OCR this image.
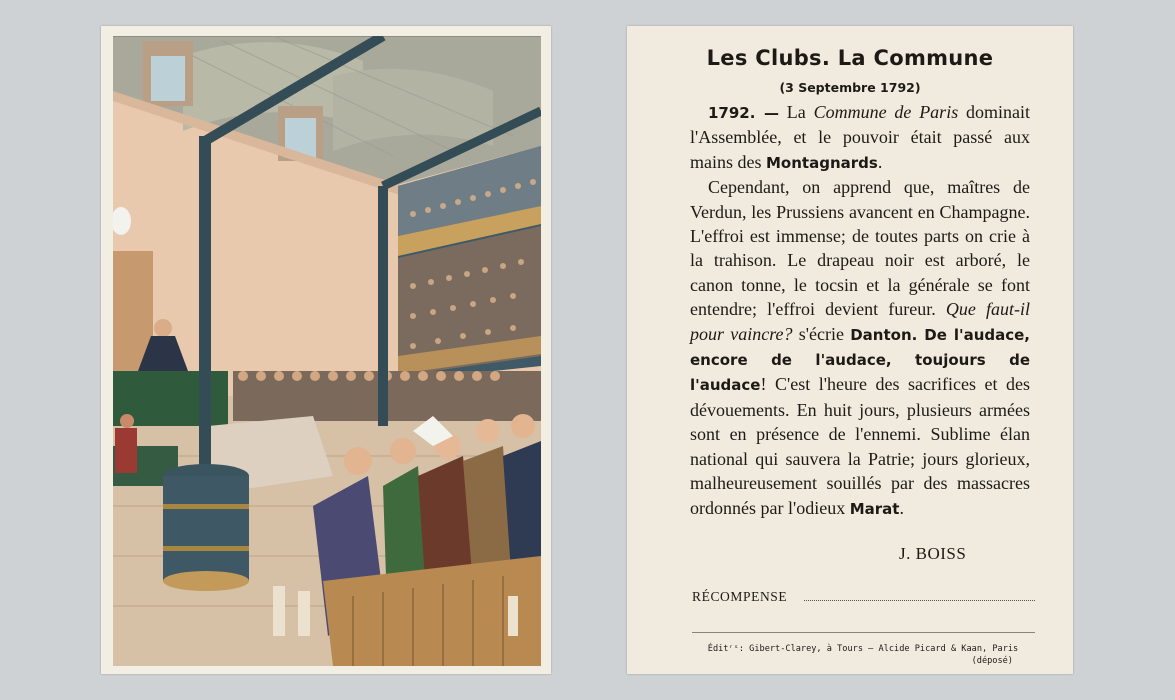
Les Clubs. La Commune
(3 Septembre 1792)

1792. — La Commune de Paris dominait l'Assemblée, et le pouvoir était passé aux mains des Montagnards.

Cependant, on apprend que, maîtres de Verdun, les Prussiens avancent en Champagne. L'effroi est immense; de toutes parts on crie à la trahison. Le drapeau noir est arboré, le canon tonne, le tocsin et la générale se font entendre; l'effroi devient fureur. Que faut-il pour vaincre? s'écrie Danton. De l'audace, encore de l'audace, toujours de l'audace! C'est l'heure des sacrifices et des dévouements. En huit jours, plusieurs armées sont en présence de l'ennemi. Sublime élan national qui sauvera la Patrie; jours glorieux, malheureusement souillés par des massacres ordonnés par l'odieux Marat.

J. BOISS
RÉCOMPENSE
Éditʳˢ: Gibert-Clarey, à Tours — Alcide Picard & Kaan, Paris
(déposé)
